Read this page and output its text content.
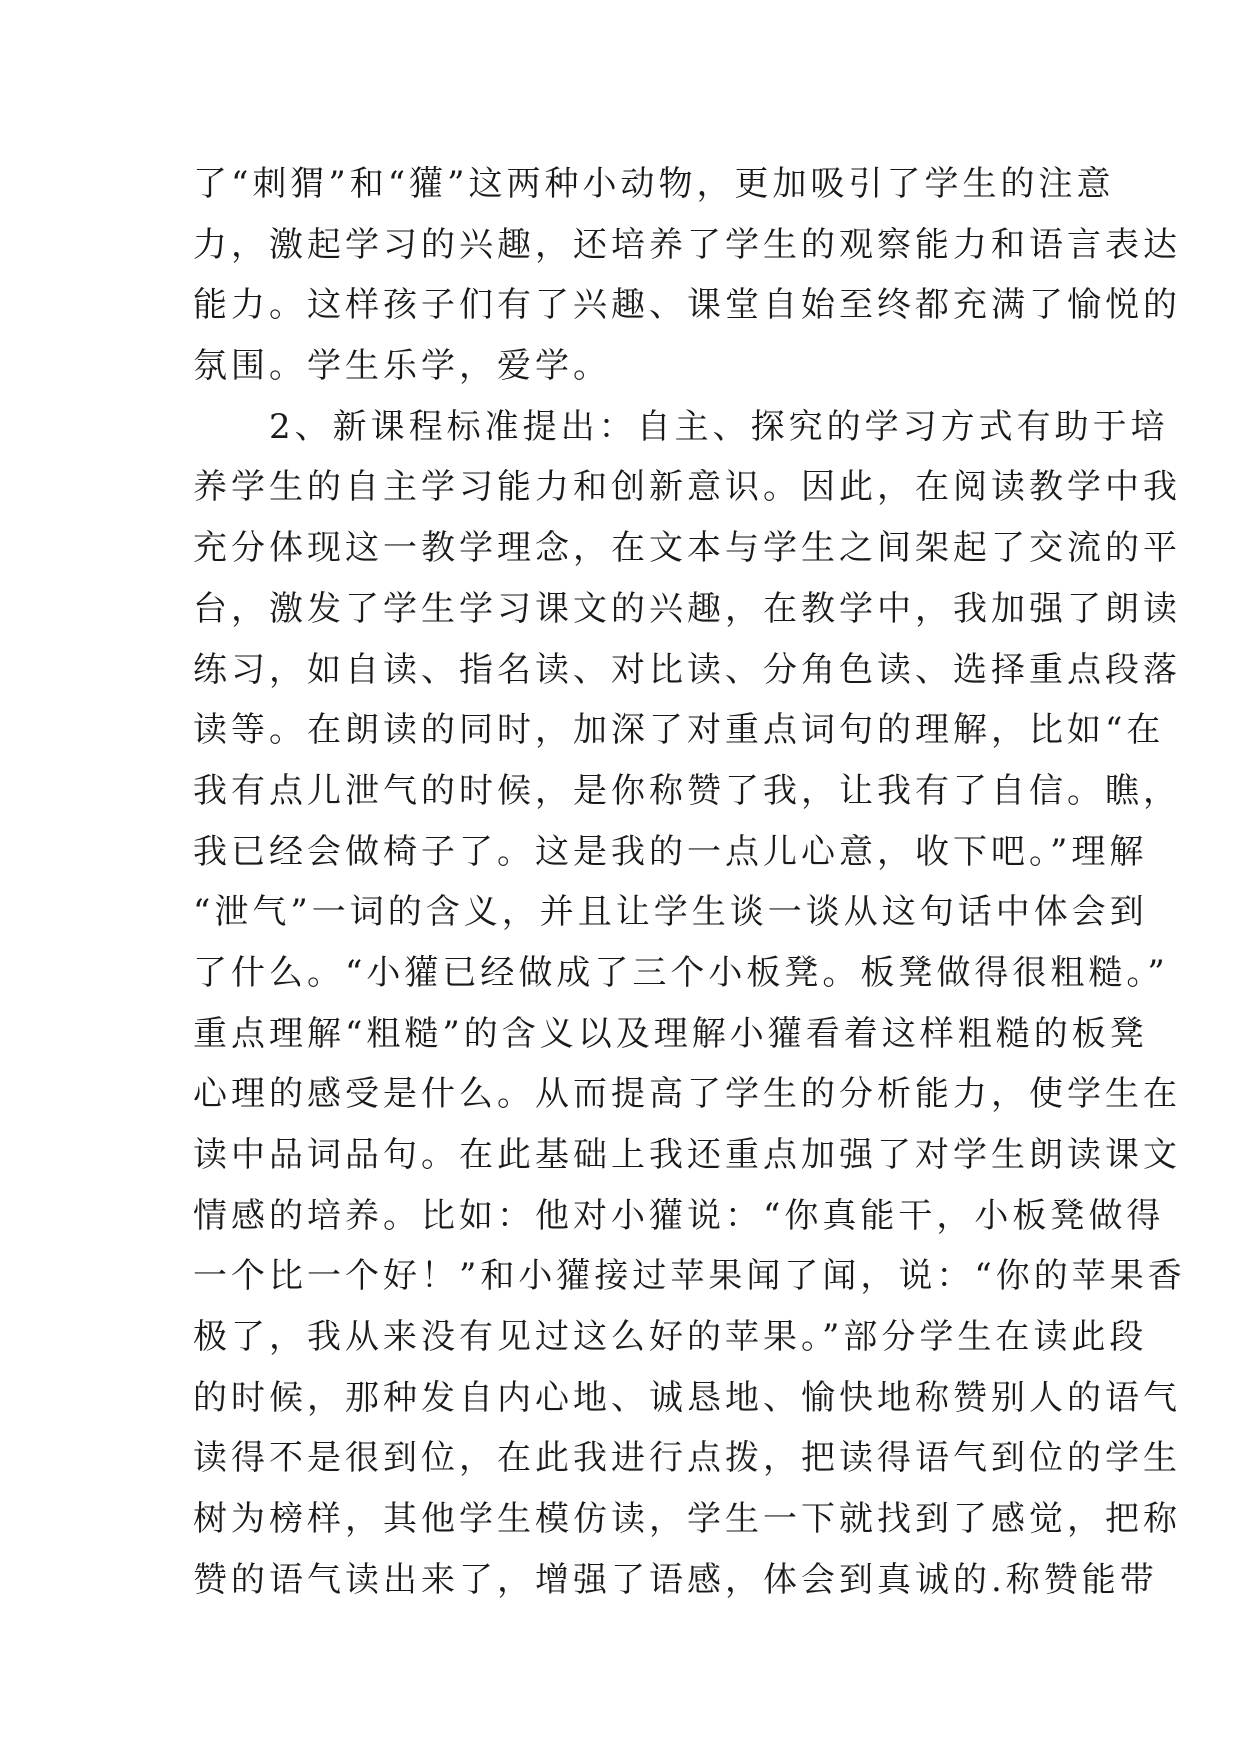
了“刺猬”和“獾”这两种小动物，更加吸引了学生的注意
力，激起学习的兴趣，还培养了学生的观察能力和语言表达
能力。这样孩子们有了兴趣、课堂自始至终都充满了愉悦的
氛围。学生乐学，爱学。
　　2、新课程标准提出：自主、探究的学习方式有助于培
养学生的自主学习能力和创新意识。因此，在阅读教学中我
充分体现这一教学理念，在文本与学生之间架起了交流的平
台，激发了学生学习课文的兴趣，在教学中，我加强了朗读
练习，如自读、指名读、对比读、分角色读、选择重点段落
读等。在朗读的同时，加深了对重点词句的理解，比如“在
我有点儿泄气的时候，是你称赞了我，让我有了自信。瞧，
我已经会做椅子了。这是我的一点儿心意，收下吧。”理解
“泄气”一词的含义，并且让学生谈一谈从这句话中体会到
了什么。“小獾已经做成了三个小板凳。板凳做得很粗糙。”
重点理解“粗糙”的含义以及理解小獾看着这样粗糙的板凳
心理的感受是什么。从而提高了学生的分析能力，使学生在
读中品词品句。在此基础上我还重点加强了对学生朗读课文
情感的培养。比如：他对小獾说：“你真能干，小板凳做得
一个比一个好！”和小獾接过苹果闻了闻，说：“你的苹果香
极了，我从来没有见过这么好的苹果。”部分学生在读此段
的时候，那种发自内心地、诚恳地、愉快地称赞别人的语气
读得不是很到位，在此我进行点拨，把读得语气到位的学生
树为榜样，其他学生模仿读，学生一下就找到了感觉，把称
赞的语气读出来了，增强了语感，体会到真诚的.称赞能带
